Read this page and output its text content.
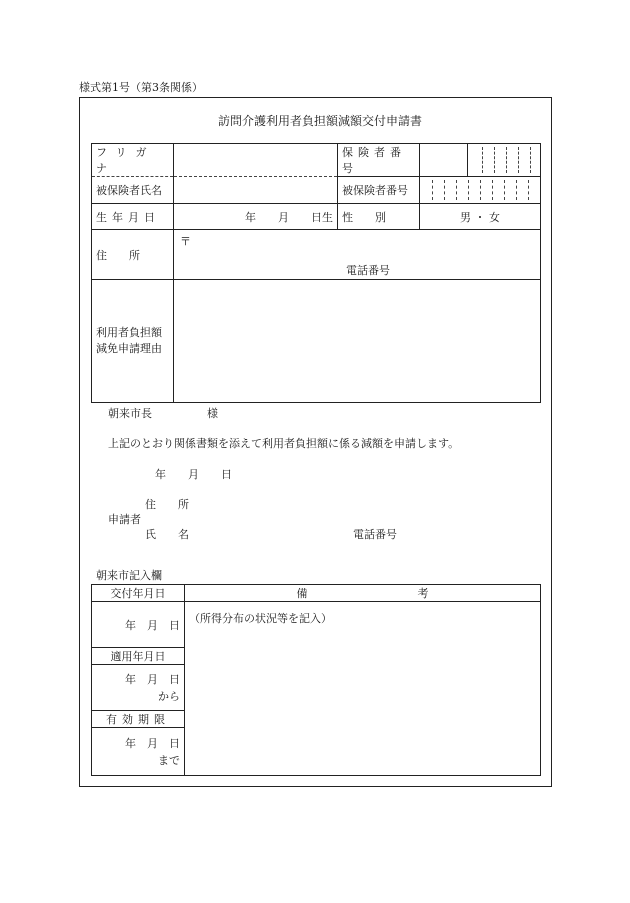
様式第1号（第3条関係）
訪問介護利用者負担額減額交付申請書
フリガナ		保険者番号		

被保険者氏名		被保険者番号		

生年月日	年　　月　　日生	性　　別	男 ・ 女	
住　　所	〒
電話番号			

利用者負担額
減免申請理由				

朝来市長　　　　　様
上記のとおり関係書類を添えて利用者負担額に係る減額を申請します。
年　　月　　日
住　　所
申請者
氏　　名	電話番号
朝来市記入欄
交付年月日	備　　　　　　　　　　考
年　月　日	（所得分布の状況等を記入）
適用年月日	

年　月　日
から	

有効期限	

年　月　日
まで	
